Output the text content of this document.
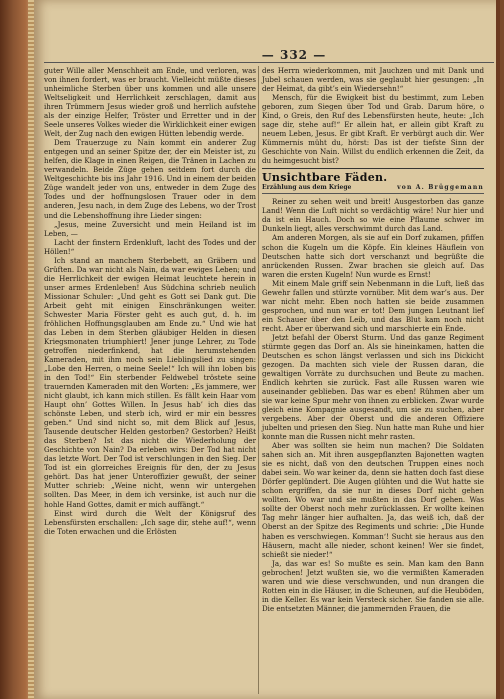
— 332 —

guter Wille aller Menschheit am Ende, und verloren, was von ihnen fordert, was er braucht. Vielleicht müßte dieses unheimliche Sterben über uns kommen und alle unsere Weltseligkeit und Herrlichkeit zerschlagen, damit aus ihren Trümmern Jesus wieder groß und herrlich aufstehe als der einzige Helfer, Tröster und Erretter und in der Seele unseres Volkes wieder die Wirklichkeit einer ewigen Welt, der Zug nach den ewigen Hütten lebendig werde.

Dem Trauerzuge zu Nain kommt ein anderer Zug entgegen und an seiner Spitze der, der ein Meister ist, zu helfen, die Klage in einen Reigen, die Tränen in Lachen zu verwandeln. Beide Züge gehen seitdem fort durch die Weltgeschichte bis ins Jahr 1916. Und in einem der beiden Züge wandelt jeder von uns, entweder in dem Zuge des Todes und der hoffnungslosen Trauer oder in dem anderen, Jesu nach, in dem Zuge des Lebens, wo der Trost und die Lebenshoffnung ihre Lieder singen:

„Jesus, meine Zuversicht und mein Heiland ist im Leben, —

Lacht der finstern Erdenkluft, lacht des Todes und der Höllen!“

Ich stand an manchem Sterbebett, an Gräbern und Grüften. Da war nicht als Nain, da war ewiges Leben; und die Herrlichkeit der ewigen Heimat leuchtete herein in unser armes Erdenleben! Aus Südchina schrieb neulich Missionar Schuler: „Und geht es Gott sei Dank gut. Die Arbeit geht mit einigen Einschränkungen weiter. Schwester Maria Förster geht es auch gut, d. h. im fröhlichen Hoffnungsglauben am Ende zu.“ Und wie hat das Leben in dem Sterben gläubiger Helden in diesen Kriegsmonaten triumphiert! Jener junge Lehrer, zu Tode getroffen niederfinkend, hat die herumstehenden Kameraden, mit ihm noch sein Lieblingslied zu singen: „Lobe den Herren, o meine Seele!“ Ich will ihn loben bis in den Tod!“ Ein sterbender Feldwebel tröstete seine trauernden Kameraden mit den Worten: „Es jammere, wer nicht glaubt, ich kann mich stillen. Es fällt kein Haar vom Haupt ohn’ Gottes Willen. In Jesus hab’ ich dies das schönste Leben, und sterb ich, wird er mir ein bessres geben.“ Und sind nicht so, mit dem Blick auf Jesus, Tausende deutscher Helden gestorben? Gestorben? Heißt das Sterben? Ist das nicht die Wiederholung der Geschichte von Nain? Da erleben wirs: Der Tod hat nicht das letzte Wort. Der Tod ist verschlungen in den Sieg. Der Tod ist ein glorreiches Ereignis für den, der zu Jesus gehört. Das hat jener Unteroffizier gewußt, der seiner Mutter schrieb: „Weine nicht, wenn wir untergehen sollten. Das Meer, in dem ich versinke, ist auch nur die hohle Hand Gottes, damit er mich auffängt.“

Einst wird durch die Welt der Königsruf des Lebensfürsten erschallen: „Ich sage dir, stehe auf!“, wenn die Toten erwachen und die Erlösten

des Herrn wiederkommen, mit Jauchzen und mit Dank und Jubel schauen werden, was sie geglaubt hier gesungen: „In der Heimat, da gibt’s ein Wiedersehn!“

Mensch, für die Ewigkeit bist du bestimmt, zum Leben geboren, zum Siegen über Tod und Grab. Darum höre, o Kind, o Greis, den Ruf des Lebensfürsten heute, heute: „Ich sage dir, stehe auf!“ Er allein hat, er allein gibt Kraft zu neuem Leben, Jesus. Er gibt Kraft. Er verbürgt auch dir. Wer Kümmernis müht du, hörst: Das ist der tiefste Sinn der Geschichte von Nain. Willst du endlich erkennen die Zeit, da du heimgesucht bist?

Unsichtbare Fäden.
Erzählung aus dem Kriege	von A. Brüggemann

Reiner zu sehen weit und breit! Ausgestorben das ganze Land! Wenn die Luft nicht so verdächtig wäre! Nur hier und da ist ein Hauch. Doch so wie eine Pflaume schwer im Dunkeln liegt, alles verschwimmt durch das Land.

Am anderen Morgen, als sie auf ein Dorf zukamen, pfiffen schon die Kugeln um die Köpfe. Ein kleines Häuflein von Deutschen hatte sich dort verschanzt und begrüßte die anrückenden Russen. Zwar brachen sie gleich auf. Das waren die ersten Kugeln! Nun wurde es Ernst!

Mit einem Male griff sein Nebenmann in die Luft, ließ das Gewehr fallen und stürzte vornüber. Mit dem war’s aus. Der war nicht mehr. Eben noch hatten sie beide zusammen gesprochen, und nun war er tot! Dem jungen Leutnant lief ein Schauer über den Leib, und das Blut kam noch nicht recht. Aber er überwand sich und marschierte ein Ende.

Jetzt befahl der Oberst Sturm. Und das ganze Regiment stürmte gegen das Dorf an. Als sie hineinkamen, hatten die Deutschen es schon längst verlassen und sich ins Dickicht gezogen. Da machten sich viele der Russen daran, die gewaltigen Vorräte zu durchsuchen und Beute zu machen. Endlich kehrten sie zurück. Fast alle Russen waren wie auseinander geblieben. Das war es eben! Rühmen aber um sie war keine Spur mehr von ihnen zu erblicken. Zwar wurde gleich eine Kompagnie ausgesandt, um sie zu suchen, aber vergebens. Aber der Oberst und die anderen Offiziere jubelten und priesen den Sieg. Nun hatte man Ruhe und hier konnte man die Russen nicht mehr rasten.

Aber was sollten sie heim nun machen? Die Soldaten sahen sich an. Mit ihren ausgepflanzten Bajonetten wagten sie es nicht, daß von den deutschen Truppen eines noch dabei sein. Wo war keiner da, denn sie hatten doch fast diese Dörfer geplündert. Die Augen glühten und die Wut hatte sie schon ergriffen, da sie nur in dieses Dorf nicht gehen wollten. Wo war und sie mußten in das Dorf gehen. Was sollte der Oberst noch mehr zurücklassen. Er wollte keinen Tag mehr länger hier aufhalten. Ja, das weiß ich, daß der Oberst an der Spitze des Regiments und schrie: „Die Hunde haben es verschwiegen. Komman‘! Sucht sie heraus aus den Häusern, macht alle nieder, schont keinen! Wer sie findet, schießt sie nieder!“

Ja, das war es! So mußte es sein. Man kam den Bann gebrochen! Jetzt wußten sie, wo die vermißten Kameraden waren und wie diese verschwunden, und nun drangen die Rotten ein in die Häuser, in die Scheunen, auf die Heuböden, in die Keller. Es war kein Versteck sicher. Sie fanden sie alle. Die entsetzten Männer, die jammernden Frauen, die
